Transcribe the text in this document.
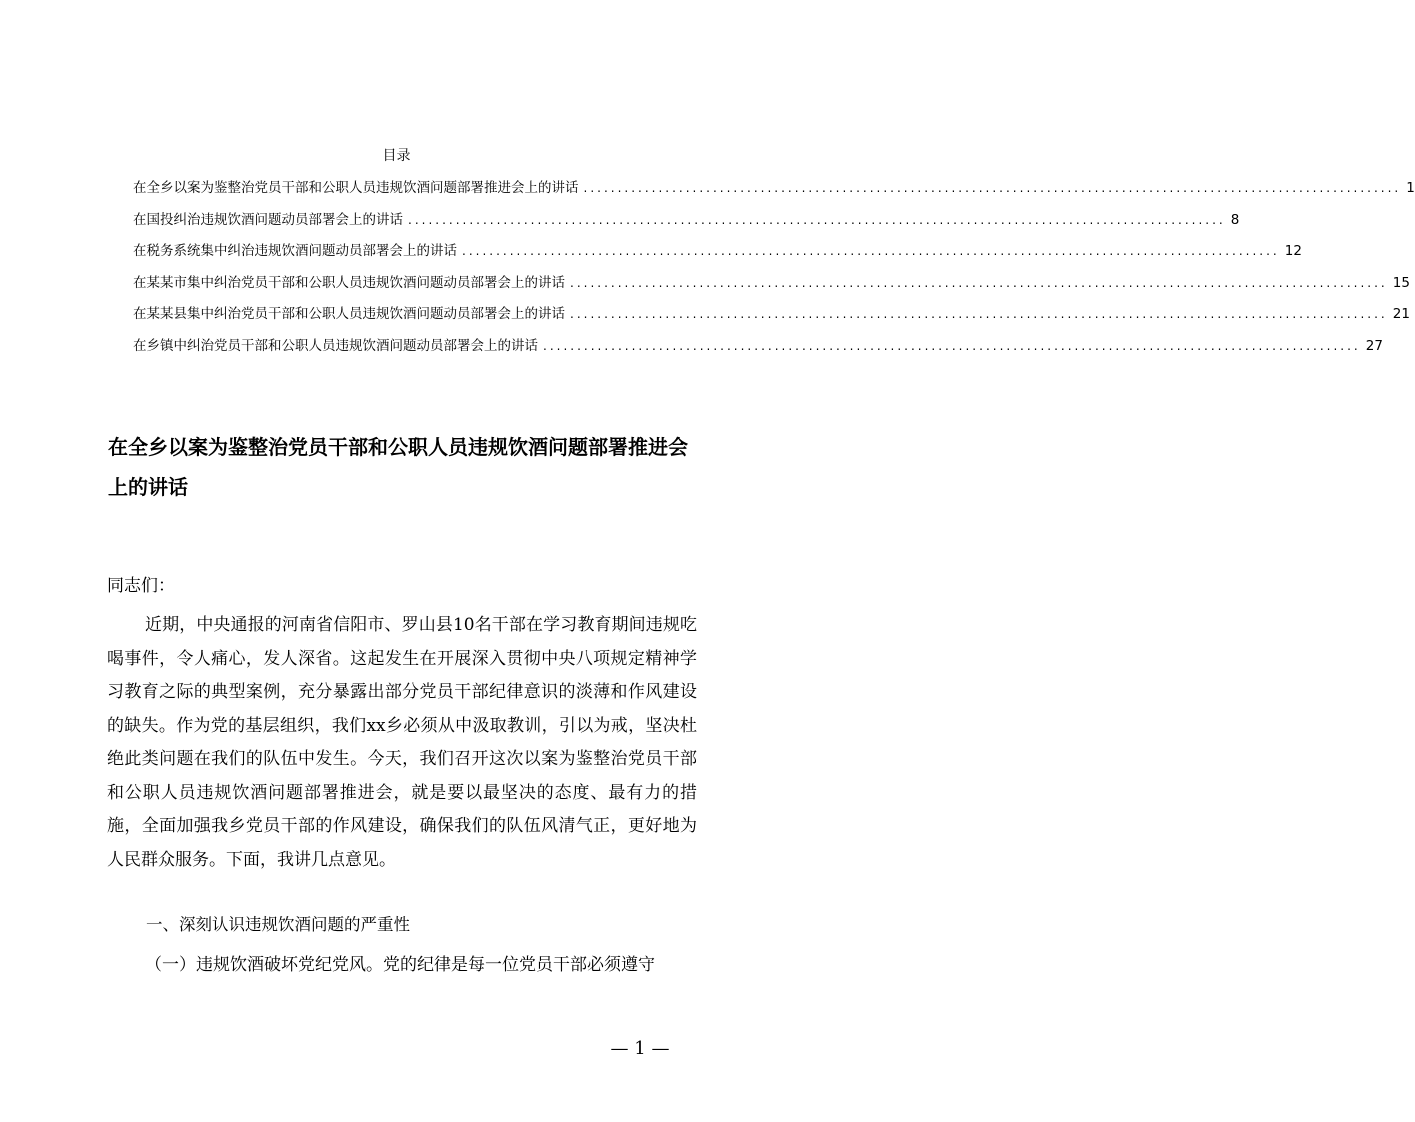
目录
在全乡以案为鉴整治党员干部和公职人员违规饮酒问题部署推进会上的讲话 ........................................................................................................................ 1
在国投纠治违规饮酒问题动员部署会上的讲话 ........................................................................................................................ 8
在税务系统集中纠治违规饮酒问题动员部署会上的讲话 ........................................................................................................................ 12
在某某市集中纠治党员干部和公职人员违规饮酒问题动员部署会上的讲话 ........................................................................................................................ 15
在某某县集中纠治党员干部和公职人员违规饮酒问题动员部署会上的讲话 ........................................................................................................................ 21
在乡镇中纠治党员干部和公职人员违规饮酒问题动员部署会上的讲话 ........................................................................................................................ 27
在全乡以案为鉴整治党员干部和公职人员违规饮酒问题部署推进会上的讲话
同志们：

近期，中央通报的河南省信阳市、罗山县10名干部在学习教育期间违规吃喝事件，令人痛心，发人深省。这起发生在开展深入贯彻中央八项规定精神学习教育之际的典型案例，充分暴露出部分党员干部纪律意识的淡薄和作风建设的缺失。作为党的基层组织，我们xx乡必须从中汲取教训，引以为戒，坚决杜绝此类问题在我们的队伍中发生。今天，我们召开这次以案为鉴整治党员干部和公职人员违规饮酒问题部署推进会，就是要以最坚决的态度、最有力的措施，全面加强我乡党员干部的作风建设，确保我们的队伍风清气正，更好地为人民群众服务。下面，我讲几点意见。

一、深刻认识违规饮酒问题的严重性

（一）违规饮酒破坏党纪党风。党的纪律是每一位党员干部必须遵守

— 1 —
